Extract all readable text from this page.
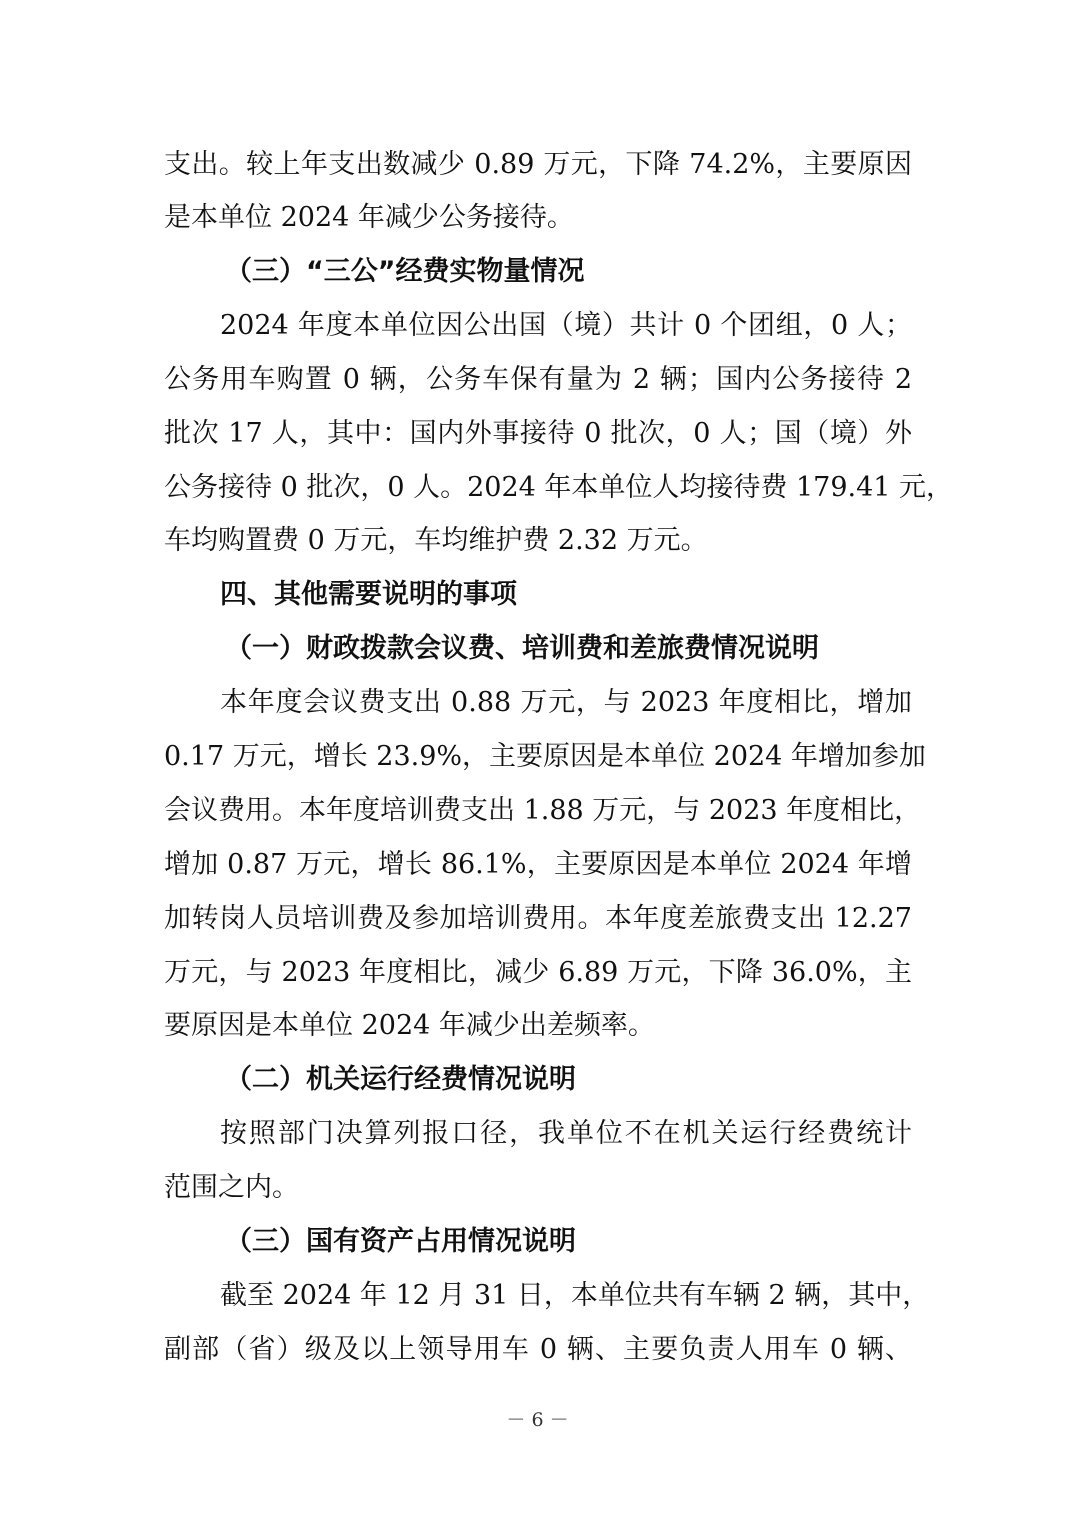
支出。较上年支出数减少 0.89 万元，下降 74.2%，主要原因
是本单位 2024 年减少公务接待。
（三）“三公”经费实物量情况
2024 年度本单位因公出国（境）共计 0 个团组，0 人；
公务用车购置 0 辆，公务车保有量为 2 辆；国内公务接待 2
批次 17 人，其中：国内外事接待 0 批次，0 人；国（境）外
公务接待 0 批次，0 人。2024 年本单位人均接待费 179.41 元，
车均购置费 0 万元，车均维护费 2.32 万元。
四、其他需要说明的事项
（一）财政拨款会议费、培训费和差旅费情况说明
本年度会议费支出 0.88 万元，与 2023 年度相比，增加
0.17 万元，增长 23.9%，主要原因是本单位 2024 年增加参加
会议费用。本年度培训费支出 1.88 万元，与 2023 年度相比，
增加 0.87 万元，增长 86.1%，主要原因是本单位 2024 年增
加转岗人员培训费及参加培训费用。本年度差旅费支出 12.27
万元，与 2023 年度相比，减少 6.89 万元，下降 36.0%，主
要原因是本单位 2024 年减少出差频率。
（二）机关运行经费情况说明
按照部门决算列报口径，我单位不在机关运行经费统计
范围之内。
（三）国有资产占用情况说明
截至 2024 年 12 月 31 日，本单位共有车辆 2 辆，其中，
副部（省）级及以上领导用车 0 辆、主要负责人用车 0 辆、
－ 6 －
